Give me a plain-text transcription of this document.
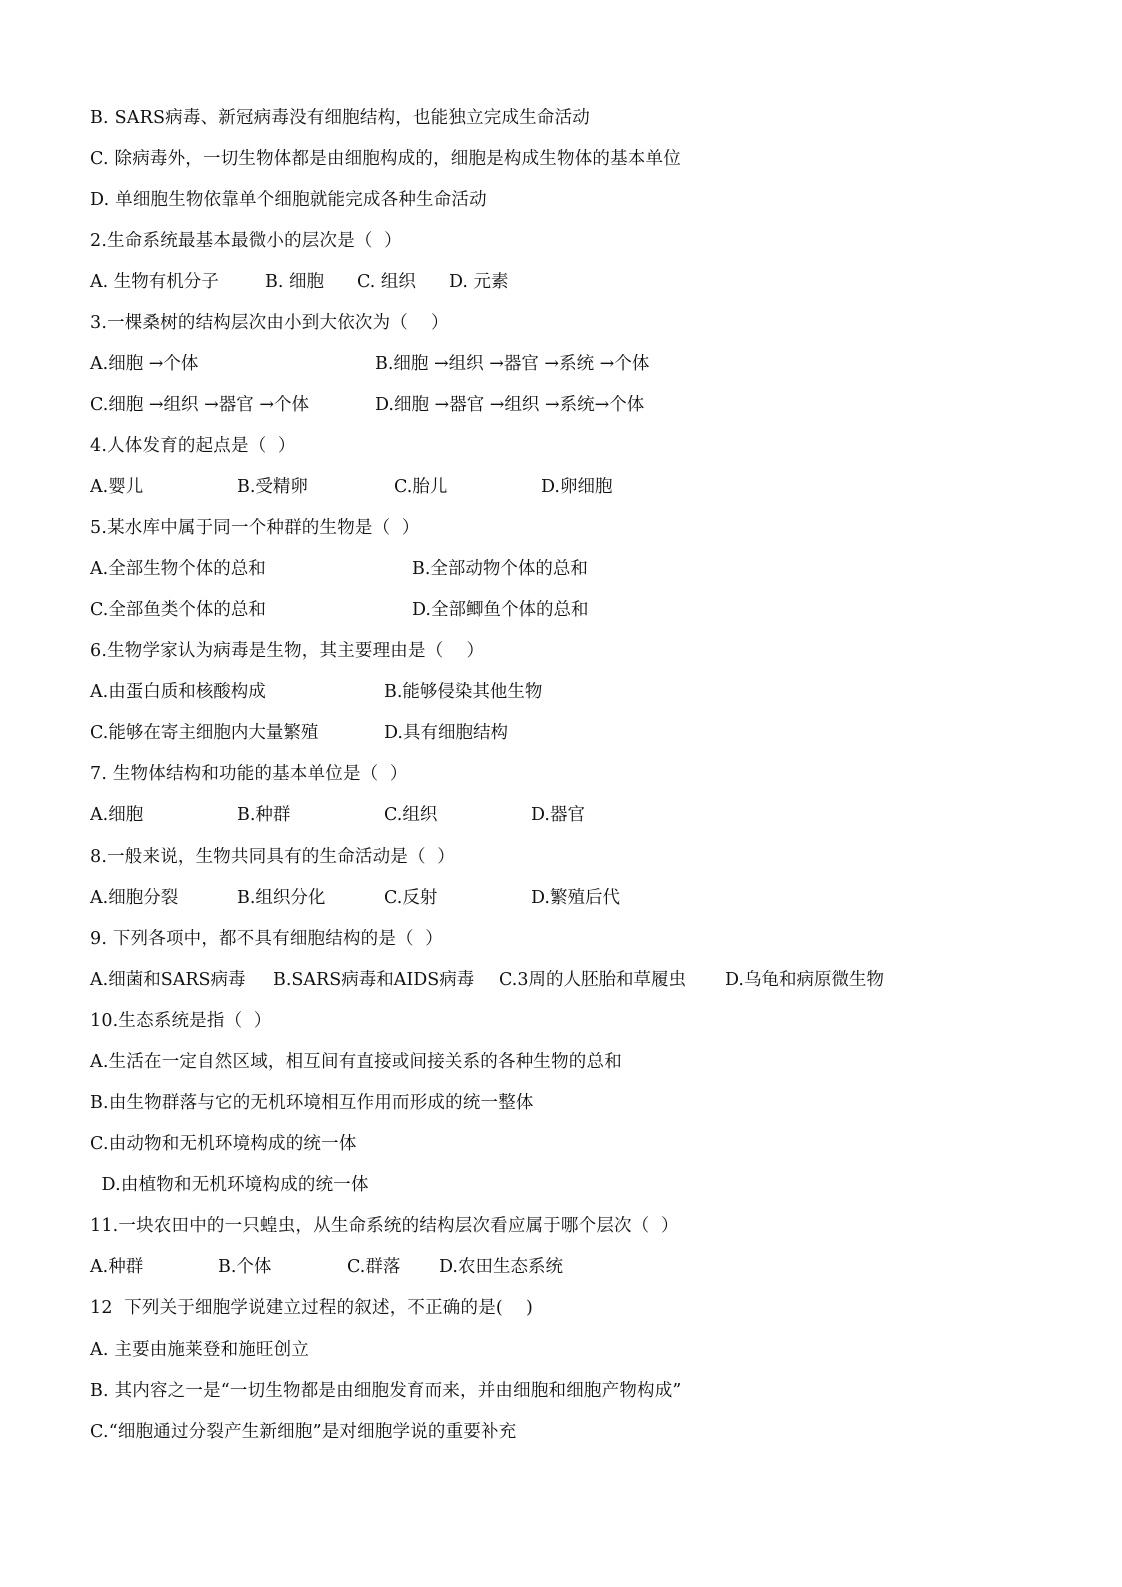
B. SARS病毒、新冠病毒没有细胞结构，也能独立完成生命活动
C. 除病毒外，一切生物体都是由细胞构成的，细胞是构成生物体的基本单位
D. 单细胞生物依靠单个细胞就能完成各种生命活动
2.生命系统最基本最微小的层次是（  ）
A. 生物有机分子	B. 细胞 C. 组织 D. 元素
3.一棵桑树的结构层次由小到大依次为（    ）
A.细胞 →个体	B.细胞 →组织 →器官 →系统 →个体
C.细胞 →组织 →器官 →个体	D.细胞 →器官 →组织 →系统→个体
4.人体发育的起点是（  ）
A.婴儿	B.受精卵	C.胎儿	D.卵细胞
5.某水库中属于同一个种群的生物是（  ）
A.全部生物个体的总和	B.全部动物个体的总和
C.全部鱼类个体的总和	D.全部鲫鱼个体的总和
6.生物学家认为病毒是生物，其主要理由是（    ）
A.由蛋白质和核酸构成	B.能够侵染其他生物
C.能够在寄主细胞内大量繁殖	D.具有细胞结构
7. 生物体结构和功能的基本单位是（  ）
A.细胞	B.种群	C.组织	D.器官
8.一般来说，生物共同具有的生命活动是（  ）
A.细胞分裂	B.组织分化	C.反射	D.繁殖后代
9. 下列各项中，都不具有细胞结构的是（  ）
A.细菌和SARS病毒 B.SARS病毒和AIDS病毒 C.3周的人胚胎和草履虫 D.乌龟和病原微生物
10.生态系统是指（  ）
A.生活在一定自然区域，相互间有直接或间接关系的各种生物的总和
B.由生物群落与它的无机环境相互作用而形成的统一整体
C.由动物和无机环境构成的统一体
D.由植物和无机环境构成的统一体
11.一块农田中的一只蝗虫，从生命系统的结构层次看应属于哪个层次（  ）
A.种群	B.个体	C.群落 D.农田生态系统
12  下列关于细胞学说建立过程的叙述，不正确的是(    )
A. 主要由施莱登和施旺创立
B. 其内容之一是“一切生物都是由细胞发育而来，并由细胞和细胞产物构成”
C.“细胞通过分裂产生新细胞”是对细胞学说的重要补充
